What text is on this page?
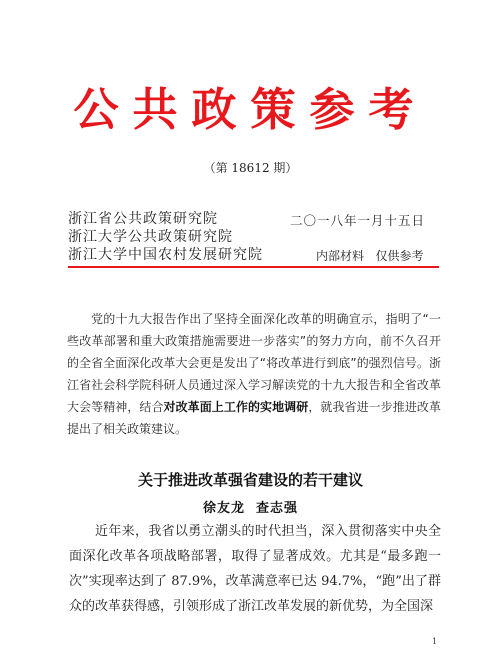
公共政策参考
（第 18612 期）
浙江省公共政策研究院
浙江大学公共政策研究院
浙江大学中国农村发展研究院
二〇一八年一月十五日
内部材料   仅供参考

党的十九大报告作出了坚持全面深化改革的明确宣示，指明了“一些改革部署和重大政策措施需要进一步落实”的努力方向，前不久召开的全省全面深化改革大会更是发出了“将改革进行到底”的强烈信号。浙江省社会科学院科研人员通过深入学习解读党的十九大报告和全省改革大会等精神，结合对改革面上工作的实地调研，就我省进一步推进改革提出了相关政策建议。

关于推进改革强省建设的若干建议
徐友龙  查志强

近年来，我省以勇立潮头的时代担当，深入贯彻落实中央全面深化改革各项战略部署，取得了显著成效。尤其是“最多跑一次”实现率达到了 87.9%，改革满意率已达 94.7%，“跑”出了群众的改革获得感，引领形成了浙江改革发展的新优势，为全国深

1
